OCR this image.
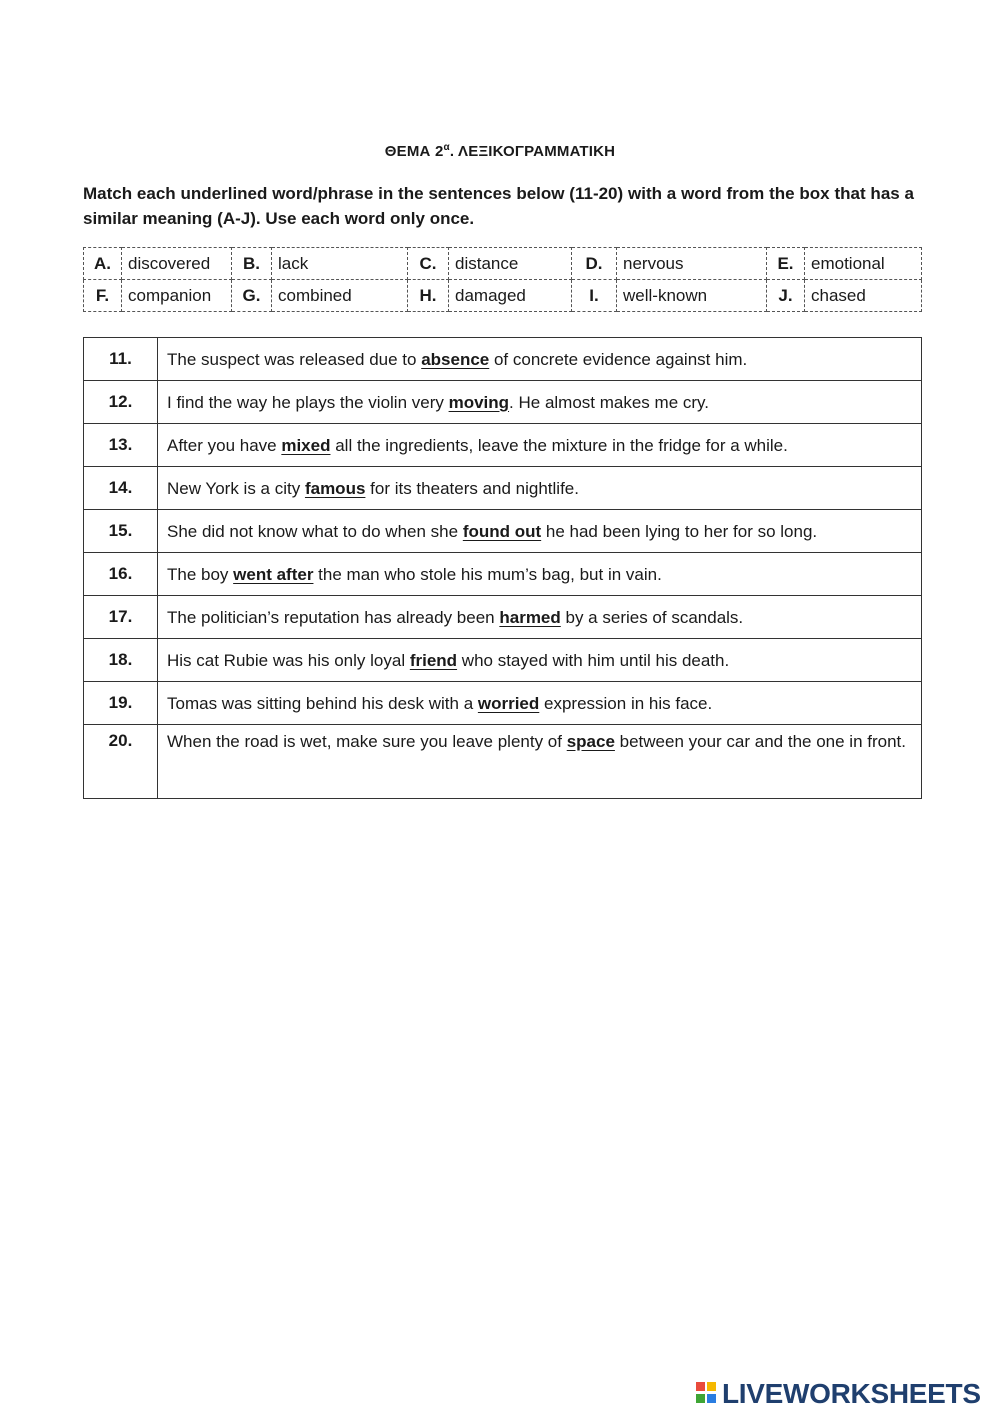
ΘΕΜΑ $2^\alpha$. ΛΕΞΙΚΟΓΡΑΜΜΑΤΙΚΗ
Match each underlined word/phrase in the sentences below (11-20) with a word from the box that has a similar meaning (A-J). Use each word only once.
A.	discovered	B.	lack	C.	distance	D.	nervous	E.	emotional
F.	companion	G.	combined	H.	damaged	I.	well-known	J.	chased
11.	The suspect was released due to absence of concrete evidence against him.
12.	I find the way he plays the violin very moving. He almost makes me cry.
13.	After you have mixed all the ingredients, leave the mixture in the fridge for a while.
14.	New York is a city famous for its theaters and nightlife.
15.	She did not know what to do when she found out he had been lying to her for so long.
16.	The boy went after the man who stole his mum’s bag, but in vain.
17.	The politician’s reputation has already been harmed by a series of scandals.
18.	His cat Rubie was his only loyal friend who stayed with him until his death.
19.	Tomas was sitting behind his desk with a worried expression in his face.
20.	When the road is wet, make sure you leave plenty of space between your car and the one in front.
LIVEWORKSHEETS
